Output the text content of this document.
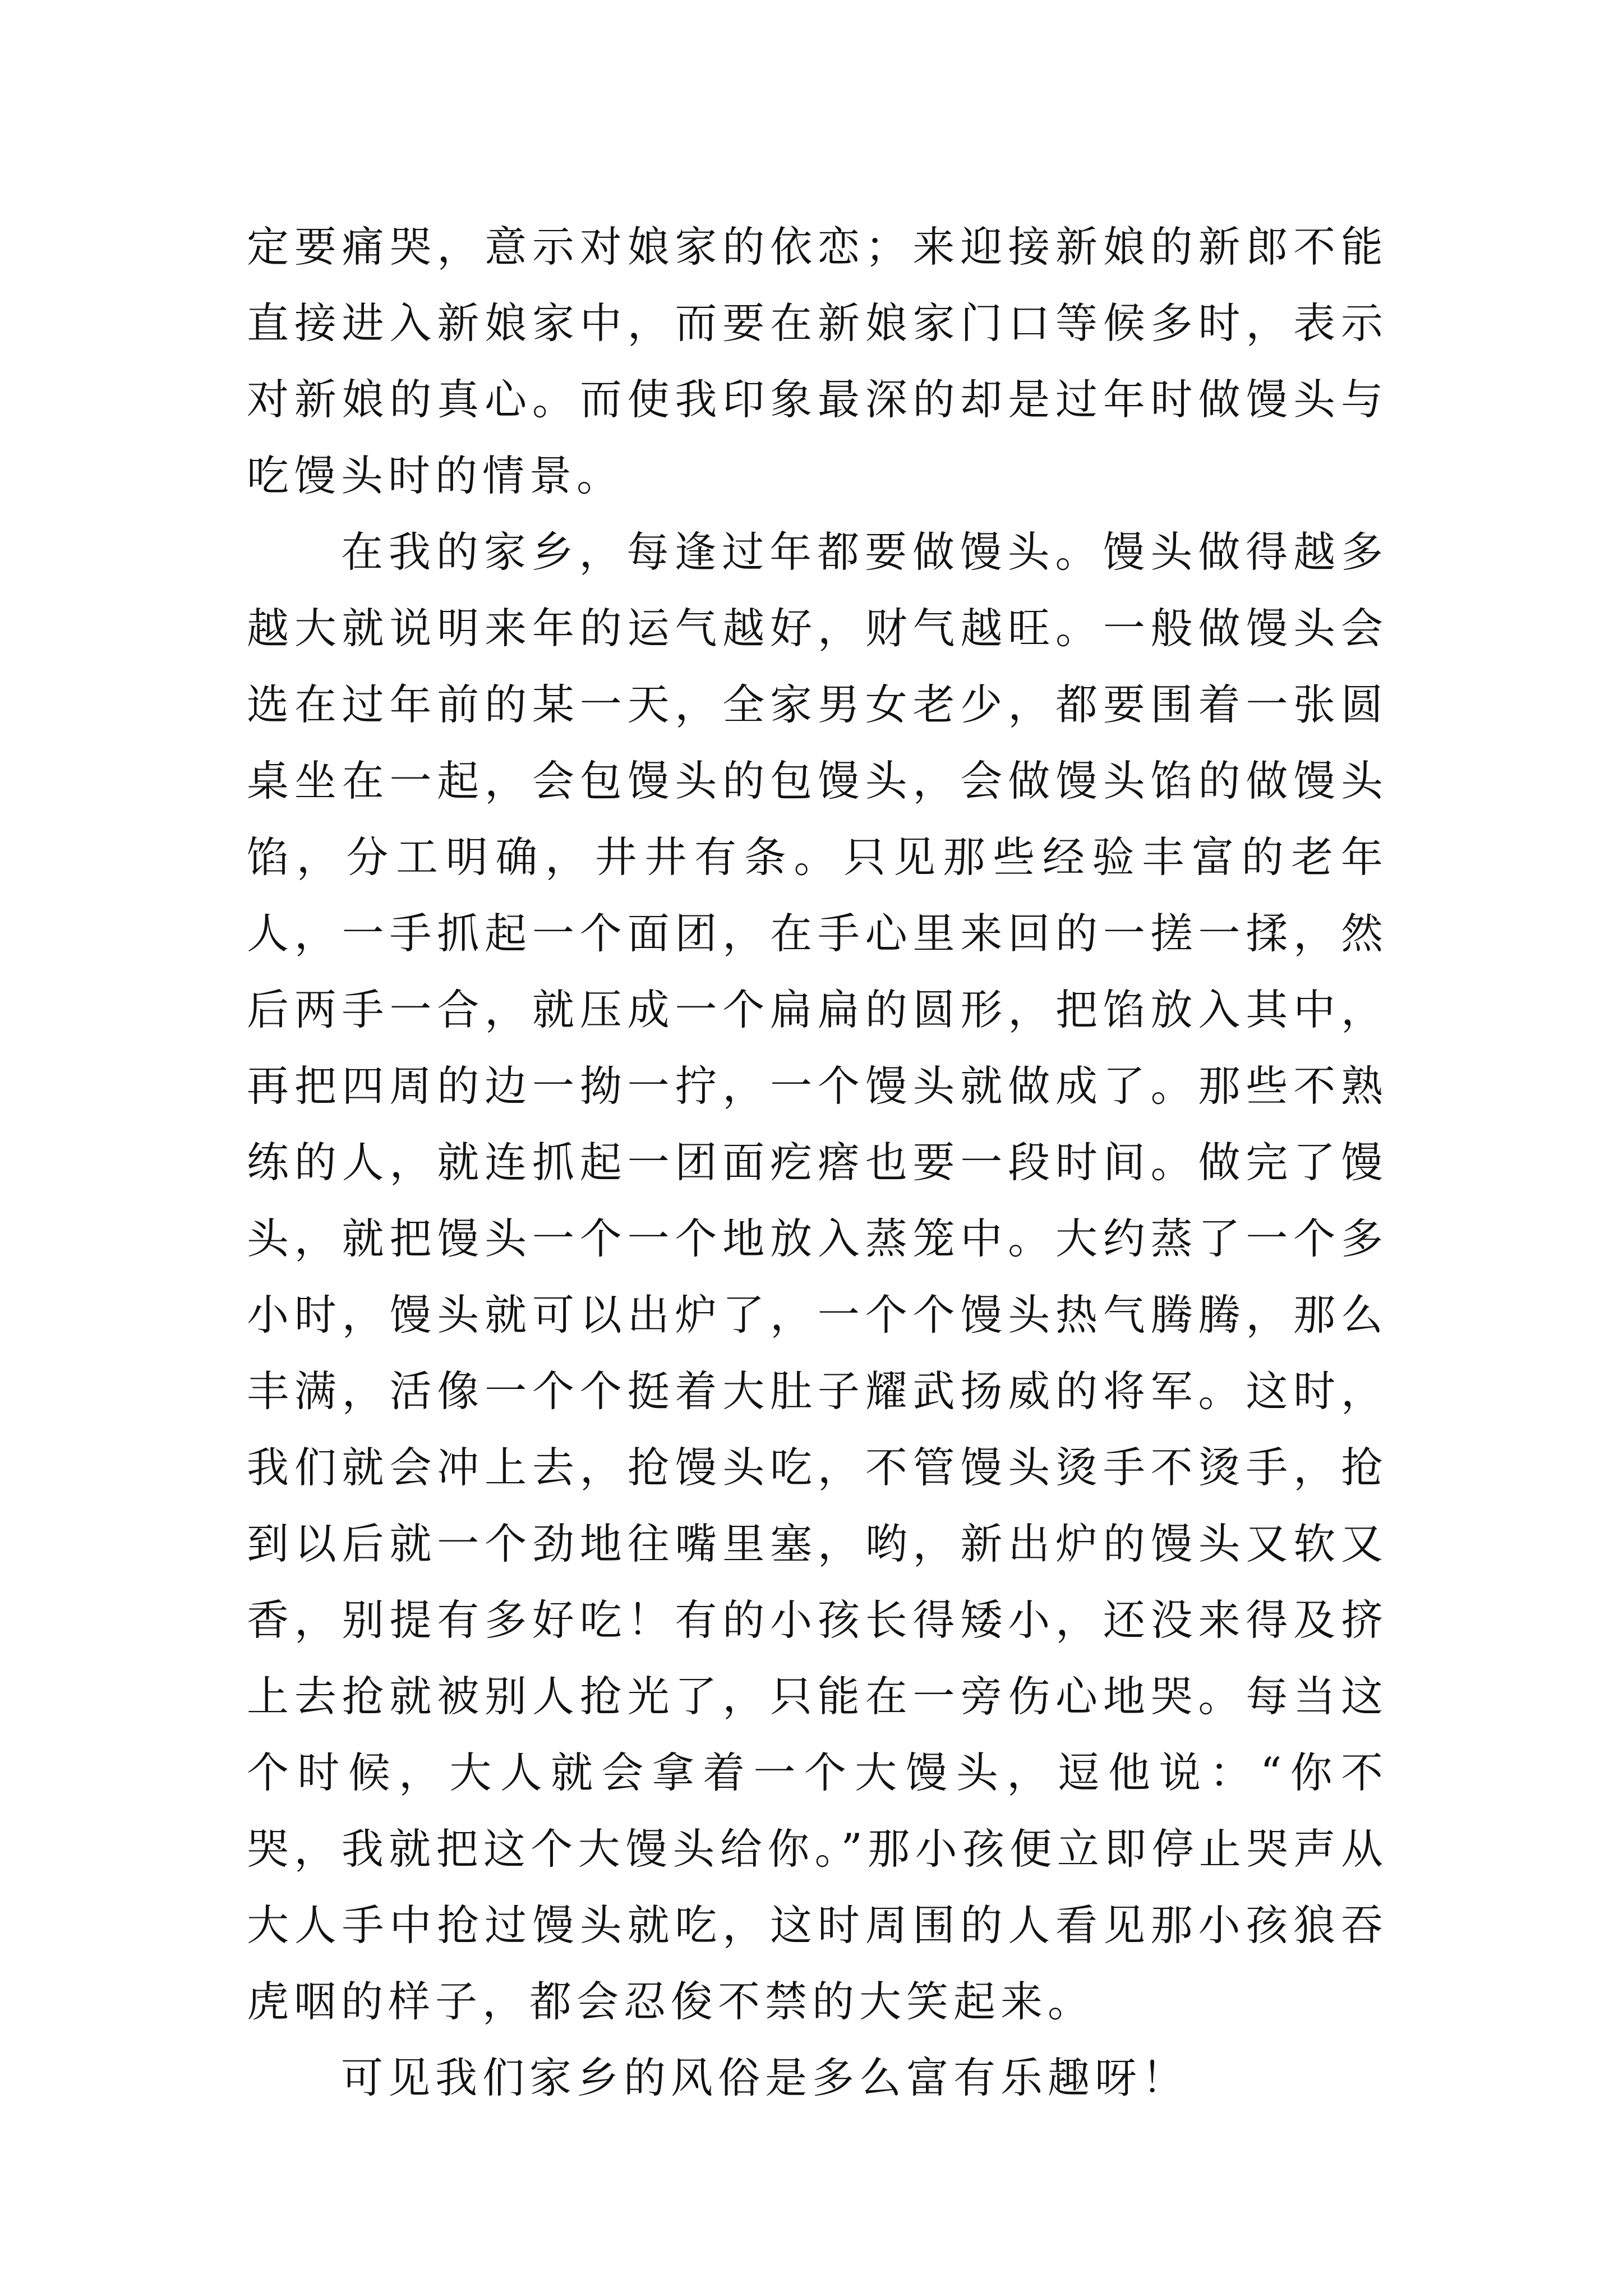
定要痛哭，意示对娘家的依恋；来迎接新娘的新郎不能直接进入新娘家中，而要在新娘家门口等候多时，表示对新娘的真心。而使我印象最深的却是过年时做馒头与吃馒头时的情景。

在我的家乡，每逢过年都要做馒头。馒头做得越多越大就说明来年的运气越好，财气越旺。一般做馒头会选在过年前的某一天，全家男女老少，都要围着一张圆桌坐在一起，会包馒头的包馒头，会做馒头馅的做馒头馅，分工明确，井井有条。只见那些经验丰富的老年人，一手抓起一个面团，在手心里来回的一搓一揉，然后两手一合，就压成一个扁扁的圆形，把馅放入其中，再把四周的边一拗一拧，一个馒头就做成了。那些不熟练的人，就连抓起一团面疙瘩也要一段时间。做完了馒头，就把馒头一个一个地放入蒸笼中。大约蒸了一个多小时，馒头就可以出炉了，一个个馒头热气腾腾，那么丰满，活像一个个挺着大肚子耀武扬威的将军。这时，我们就会冲上去，抢馒头吃，不管馒头烫手不烫手，抢到以后就一个劲地往嘴里塞，哟，新出炉的馒头又软又香，别提有多好吃！有的小孩长得矮小，还没来得及挤上去抢就被别人抢光了，只能在一旁伤心地哭。每当这个时候，大人就会拿着一个大馒头，逗他说：“你不哭，我就把这个大馒头给你。”那小孩便立即停止哭声从大人手中抢过馒头就吃，这时周围的人看见那小孩狼吞虎咽的样子，都会忍俊不禁的大笑起来。

可见我们家乡的风俗是多么富有乐趣呀！
